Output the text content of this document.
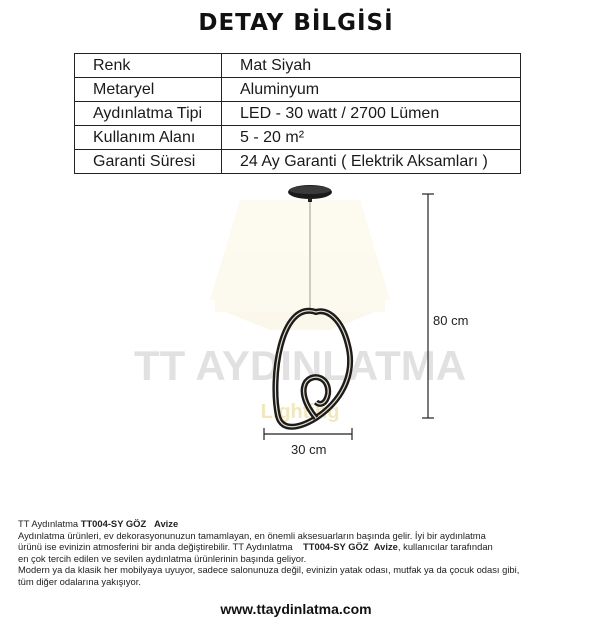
DETAY BİLGİSİ
Renk	Mat Siyah
Metaryel	Aluminyum
Aydınlatma Tipi	LED - 30 watt / 2700 Lümen
Kullanım Alanı	5 - 20 m²
Garanti Süresi	24 Ay Garanti ( Elektrik Aksamları )
TT AYDINLATMA
Lighting
80 cm
30 cm
TT Aydınlatma TT004-SY GÖZ Avize
Aydınlatma ürünleri, ev dekorasyonunuzun tamamlayan, en önemli aksesuarların başında gelir. İyi bir aydınlatma
ürünü ise evinizin atmosferini bir anda değiştirebilir. TT Aydınlatma TT004-SY GÖZ Avize, kullanıcılar tarafından
en çok tercih edilen ve sevilen aydınlatma ürünlerinin başında geliyor.
Modern ya da klasik her mobilyaya uyuyor, sadece salonunuza değil, evinizin yatak odası, mutfak ya da çocuk odası gibi,
tüm diğer odalarına yakışıyor.
www.ttaydinlatma.com
